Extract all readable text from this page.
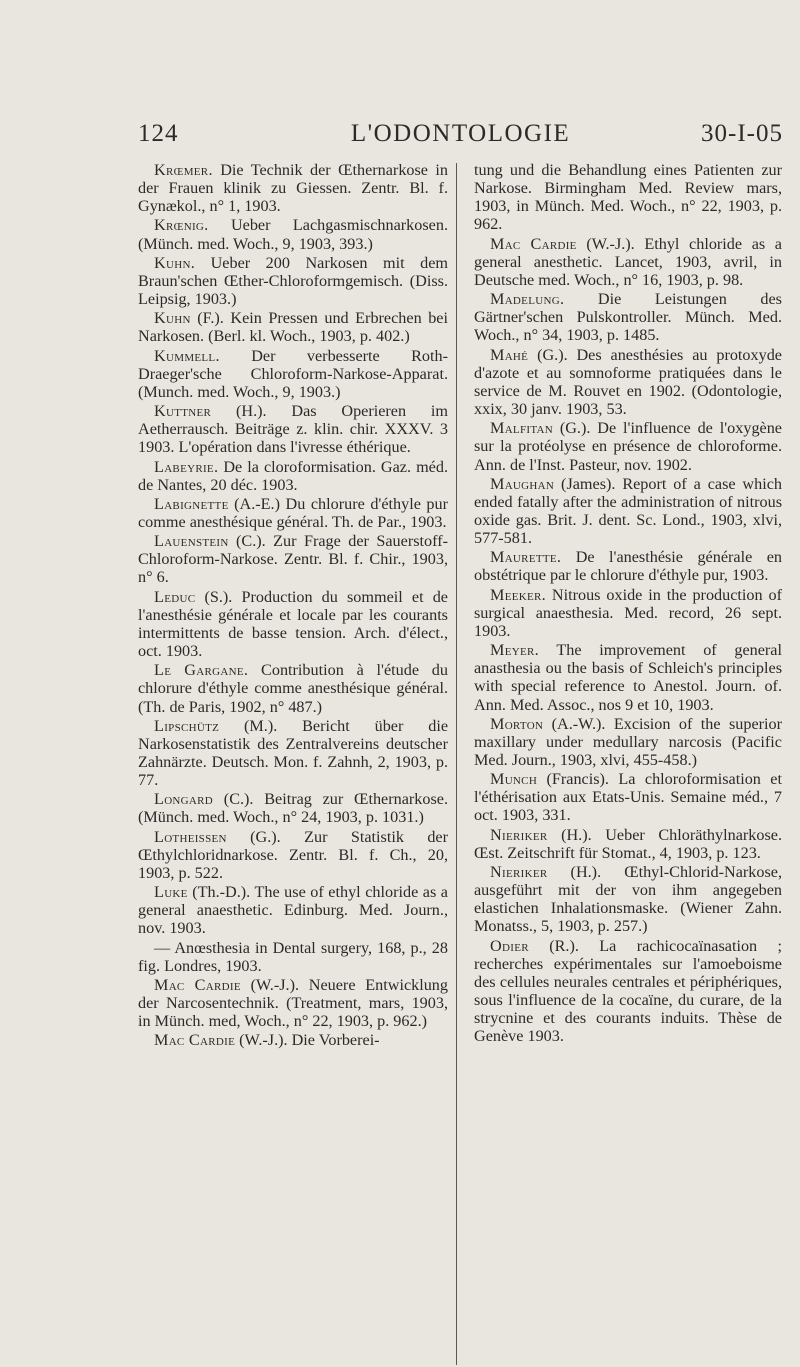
124	L'ODONTOLOGIE	30-I-05

Krœmer. Die Technik der Œthernarkose in der Frauen klinik zu Giessen. Zentr. Bl. f. Gynækol., n° 1, 1903.

Krœnig. Ueber Lachgasmischnarkosen. (Münch. med. Woch., 9, 1903, 393.)

Kuhn. Ueber 200 Narkosen mit dem Braun'schen Œther-Chloroformgemisch. (Diss. Leipsig, 1903.)

Kuhn (F.). Kein Pressen und Erbrechen bei Narkosen. (Berl. kl. Woch., 1903, p. 402.)

Kummell. Der verbesserte Roth-Draeger'sche Chloroform-Narkose-Apparat. (Munch. med. Woch., 9, 1903.)

Kuttner (H.). Das Operieren im Aetherrausch. Beiträge z. klin. chir. XXXV. 3 1903. L'opération dans l'ivresse éthérique.

Labeyrie. De la cloroformisation. Gaz. méd. de Nantes, 20 déc. 1903.

Labignette (A.-E.) Du chlorure d'éthyle pur comme anesthésique général. Th. de Par., 1903.

Lauenstein (C.). Zur Frage der Sauerstoff-Chloroform-Narkose. Zentr. Bl. f. Chir., 1903, n° 6.

Leduc (S.). Production du sommeil et de l'anesthésie générale et locale par les courants intermittents de basse tension. Arch. d'élect., oct. 1903.

Le Gargane. Contribution à l'étude du chlorure d'éthyle comme anesthésique général. (Th. de Paris, 1902, n° 487.)

Lipschütz (M.). Bericht über die Narkosenstatistik des Zentralvereins deutscher Zahnärzte. Deutsch. Mon. f. Zahnh, 2, 1903, p. 77.

Longard (C.). Beitrag zur Œthernarkose. (Münch. med. Woch., n° 24, 1903, p. 1031.)

Lotheissen (G.). Zur Statistik der Œthylchloridnarkose. Zentr. Bl. f. Ch., 20, 1903, p. 522.

Luke (Th.-D.). The use of ethyl chloride as a general anaesthetic. Edinburg. Med. Journ., nov. 1903.

— Anœsthesia in Dental surgery, 168, p., 28 fig. Londres, 1903.

Mac Cardie (W.-J.). Neuere Entwicklung der Narcosentechnik. (Treatment, mars, 1903, in Münch. med, Woch., n° 22, 1903, p. 962.)

Mac Cardie (W.-J.). Die Vorberei-

tung und die Behandlung eines Patienten zur Narkose. Birmingham Med. Review mars, 1903, in Münch. Med. Woch., n° 22, 1903, p. 962.

Mac Cardie (W.-J.). Ethyl chloride as a general anesthetic. Lancet, 1903, avril, in Deutsche med. Woch., n° 16, 1903, p. 98.

Madelung. Die Leistungen des Gärtner'schen Pulskontroller. Münch. Med. Woch., n° 34, 1903, p. 1485.

Mahé (G.). Des anesthésies au protoxyde d'azote et au somnoforme pratiquées dans le service de M. Rouvet en 1902. (Odontologie, xxix, 30 janv. 1903, 53.

Malfitan (G.). De l'influence de l'oxygène sur la protéolyse en présence de chloroforme. Ann. de l'Inst. Pasteur, nov. 1902.

Maughan (James). Report of a case which ended fatally after the administration of nitrous oxide gas. Brit. J. dent. Sc. Lond., 1903, xlvi, 577-581.

Maurette. De l'anesthésie générale en obstétrique par le chlorure d'éthyle pur, 1903.

Meeker. Nitrous oxide in the production of surgical anaesthesia. Med. record, 26 sept. 1903.

Meyer. The improvement of general anasthesia ou the basis of Schleich's principles with special reference to Anestol. Journ. of. Ann. Med. Assoc., nos 9 et 10, 1903.

Morton (A.-W.). Excision of the superior maxillary under medullary narcosis (Pacific Med. Journ., 1903, xlvi, 455-458.)

Munch (Francis). La chloroformisation et l'éthérisation aux Etats-Unis. Semaine méd., 7 oct. 1903, 331.

Nieriker (H.). Ueber Chloräthylnarkose. Œst. Zeitschrift für Stomat., 4, 1903, p. 123.

Nieriker (H.). Œthyl-Chlorid-Narkose, ausgeführt mit der von ihm angegeben elastichen Inhalationsmaske. (Wiener Zahn. Monatss., 5, 1903, p. 257.)

Odier (R.). La rachicocaïnasation ; recherches expérimentales sur l'amoeboisme des cellules neurales centrales et périphériques, sous l'influence de la cocaïne, du curare, de la strycnine et des courants induits. Thèse de Genève 1903.
